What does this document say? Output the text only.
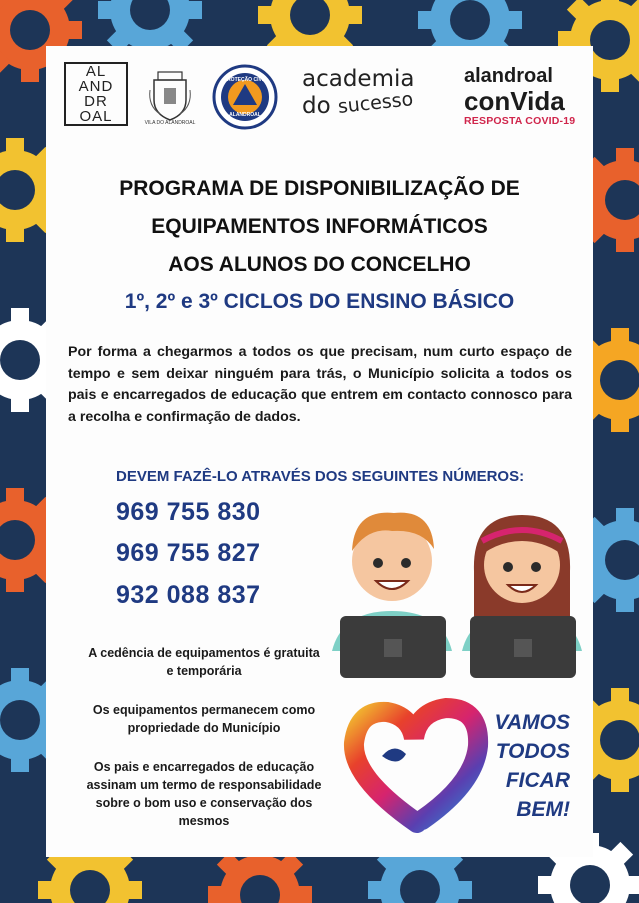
AL
AND
DR
OAL	VILA DO ALANDROAL
PROTEÇÃO CIVIL
ALANDROAL
academia
do sucesso
alandroal
conVida
RESPOSTA COVID-19
PROGRAMA DE DISPONIBILIZAÇÃO DE
EQUIPAMENTOS INFORMÁTICOS
AOS ALUNOS DO CONCELHO
1º, 2º e 3º CICLOS DO ENSINO BÁSICO
Por forma a chegarmos a todos os que precisam, num curto espaço de tempo e sem deixar ninguém para trás, o Município solicita a todos os pais e encarregados de educação que entrem em contacto connosco para a recolha e confirmação de dados.
DEVEM FAZÊ-LO ATRAVÉS DOS SEGUINTES NÚMEROS:
969 755 830
969 755 827
932 088 837
A cedência de equipamentos é gratuita
e temporária
Os equipamentos permanecem como
propriedade do Município
Os pais e encarregados de educação
assinam um termo de responsabilidade
sobre o bom uso e conservação dos
mesmos
VAMOS
TODOS
FICAR
BEM!
